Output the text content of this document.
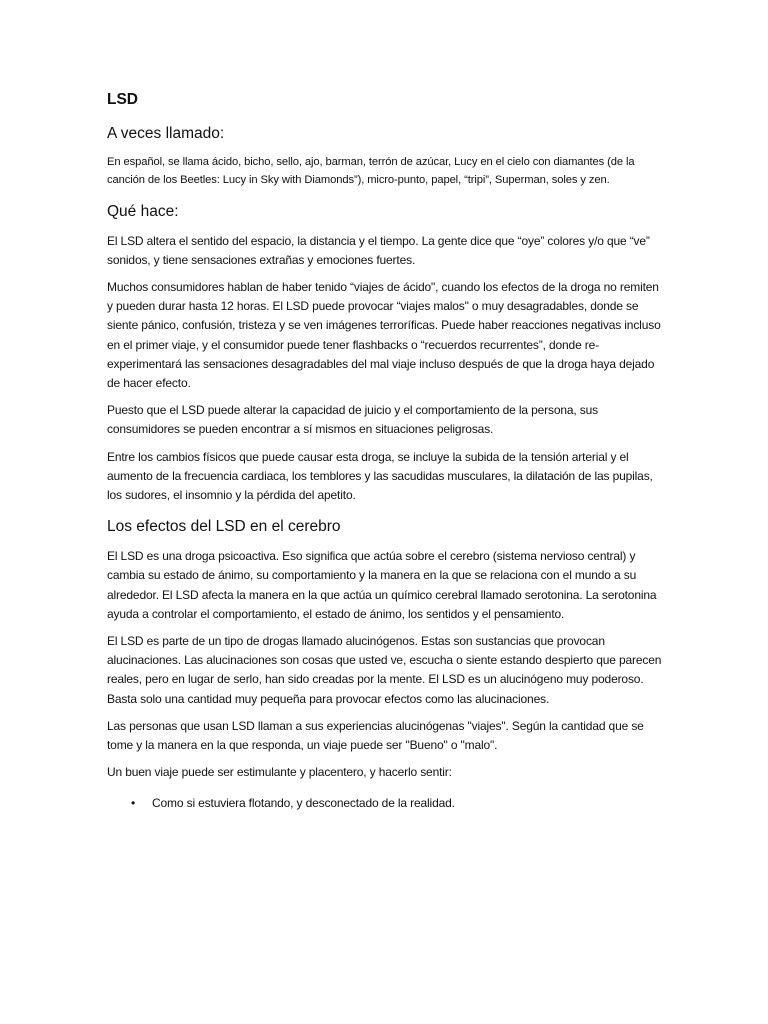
LSD
A veces llamado:
En español, se llama ácido, bicho, sello, ajo, barman, terrón de azúcar, Lucy en el cielo con diamantes (de la canción de los Beetles: Lucy in Sky with Diamonds”), micro-punto, papel, “tripi”, Superman, soles y zen.
Qué hace:
El LSD altera el sentido del espacio, la distancia y el tiempo. La gente dice que “oye” colores y/o que “ve” sonidos, y tiene sensaciones extrañas y emociones fuertes.
Muchos consumidores hablan de haber tenido “viajes de ácido", cuando los efectos de la droga no remiten y pueden durar hasta 12 horas. El LSD puede provocar “viajes malos" o muy desagradables, donde se siente pánico, confusión, tristeza y se ven imágenes terroríficas. Puede haber reacciones negativas incluso en el primer viaje, y el consumidor puede tener flashbacks o “recuerdos recurrentes”, donde re-experimentará las sensaciones desagradables del mal viaje incluso después de que la droga haya dejado de hacer efecto.
Puesto que el LSD puede alterar la capacidad de juicio y el comportamiento de la persona, sus consumidores se pueden encontrar a sí mismos en situaciones peligrosas.
Entre los cambios físicos que puede causar esta droga, se incluye la subida de la tensión arterial y el aumento de la frecuencia cardiaca, los temblores y las sacudidas musculares, la dilatación de las pupilas, los sudores, el insomnio y la pérdida del apetito.
Los efectos del LSD en el cerebro
El LSD es una droga psicoactiva. Eso significa que actúa sobre el cerebro (sistema nervioso central) y cambia su estado de ánimo, su comportamiento y la manera en la que se relaciona con el mundo a su alrededor. El LSD afecta la manera en la que actúa un químico cerebral llamado serotonina. La serotonina ayuda a controlar el comportamiento, el estado de ánimo, los sentidos y el pensamiento.
El LSD es parte de un tipo de drogas llamado alucinógenos. Estas son sustancias que provocan alucinaciones. Las alucinaciones son cosas que usted ve, escucha o siente estando despierto que parecen reales, pero en lugar de serlo, han sido creadas por la mente. El LSD es un alucinógeno muy poderoso. Basta solo una cantidad muy pequeña para provocar efectos como las alucinaciones.
Las personas que usan LSD llaman a sus experiencias alucinógenas "viajes". Según la cantidad que se tome y la manera en la que responda, un viaje puede ser "Bueno" o "malo".
Un buen viaje puede ser estimulante y placentero, y hacerlo sentir:
• Como si estuviera flotando, y desconectado de la realidad.
